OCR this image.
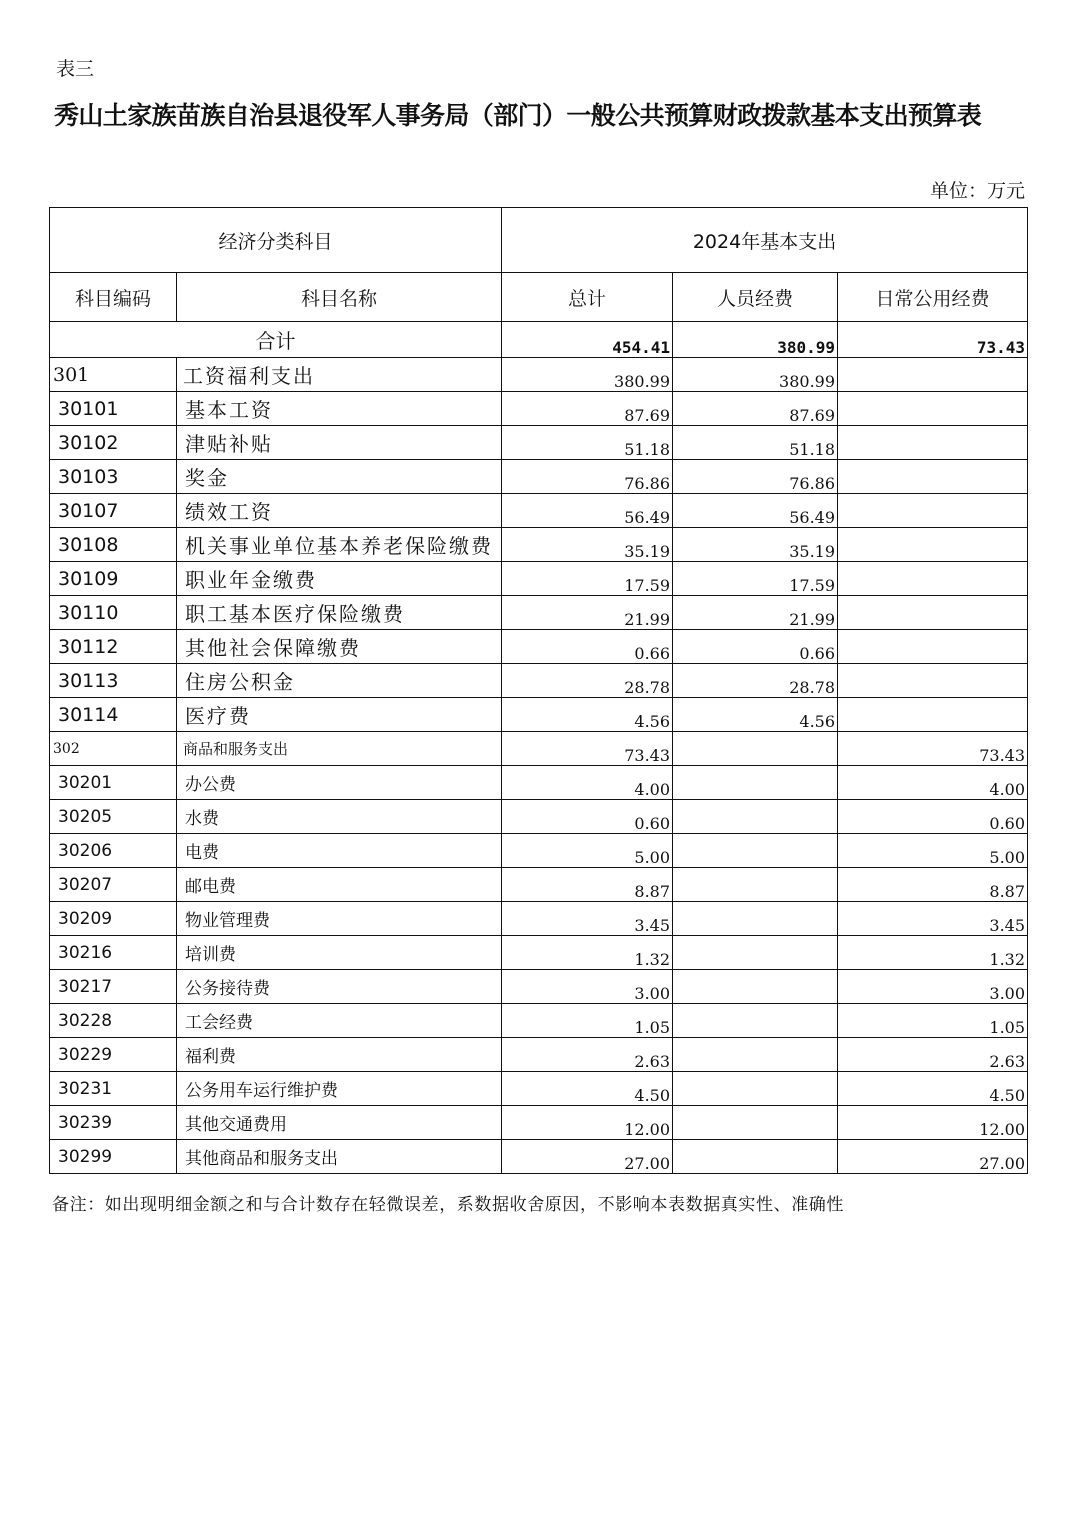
表三
秀山土家族苗族自治县退役军人事务局（部门）一般公共预算财政拨款基本支出预算表
单位：万元
经济分类科目		2024年基本支出		
科目编码	科目名称	总计	人员经费	日常公用经费
合计		454.41	380.99	73.43
301	工资福利支出	380.99	380.99	
30101	基本工资	87.69	87.69	
30102	津贴补贴	51.18	51.18	
30103	奖金	76.86	76.86	
30107	绩效工资	56.49	56.49	
30108	机关事业单位基本养老保险缴费	35.19	35.19	
30109	职业年金缴费	17.59	17.59	
30110	职工基本医疗保险缴费	21.99	21.99	
30112	其他社会保障缴费	0.66	0.66	
30113	住房公积金	28.78	28.78	
30114	医疗费	4.56	4.56	
302	商品和服务支出	73.43		73.43
30201	办公费	4.00		4.00
30205	水费	0.60		0.60
30206	电费	5.00		5.00
30207	邮电费	8.87		8.87
30209	物业管理费	3.45		3.45
30216	培训费	1.32		1.32
30217	公务接待费	3.00		3.00
30228	工会经费	1.05		1.05
30229	福利费	2.63		2.63
30231	公务用车运行维护费	4.50		4.50
30239	其他交通费用	12.00		12.00
30299	其他商品和服务支出	27.00		27.00
备注：如出现明细金额之和与合计数存在轻微误差，系数据收舍原因，不影响本表数据真实性、准确性
